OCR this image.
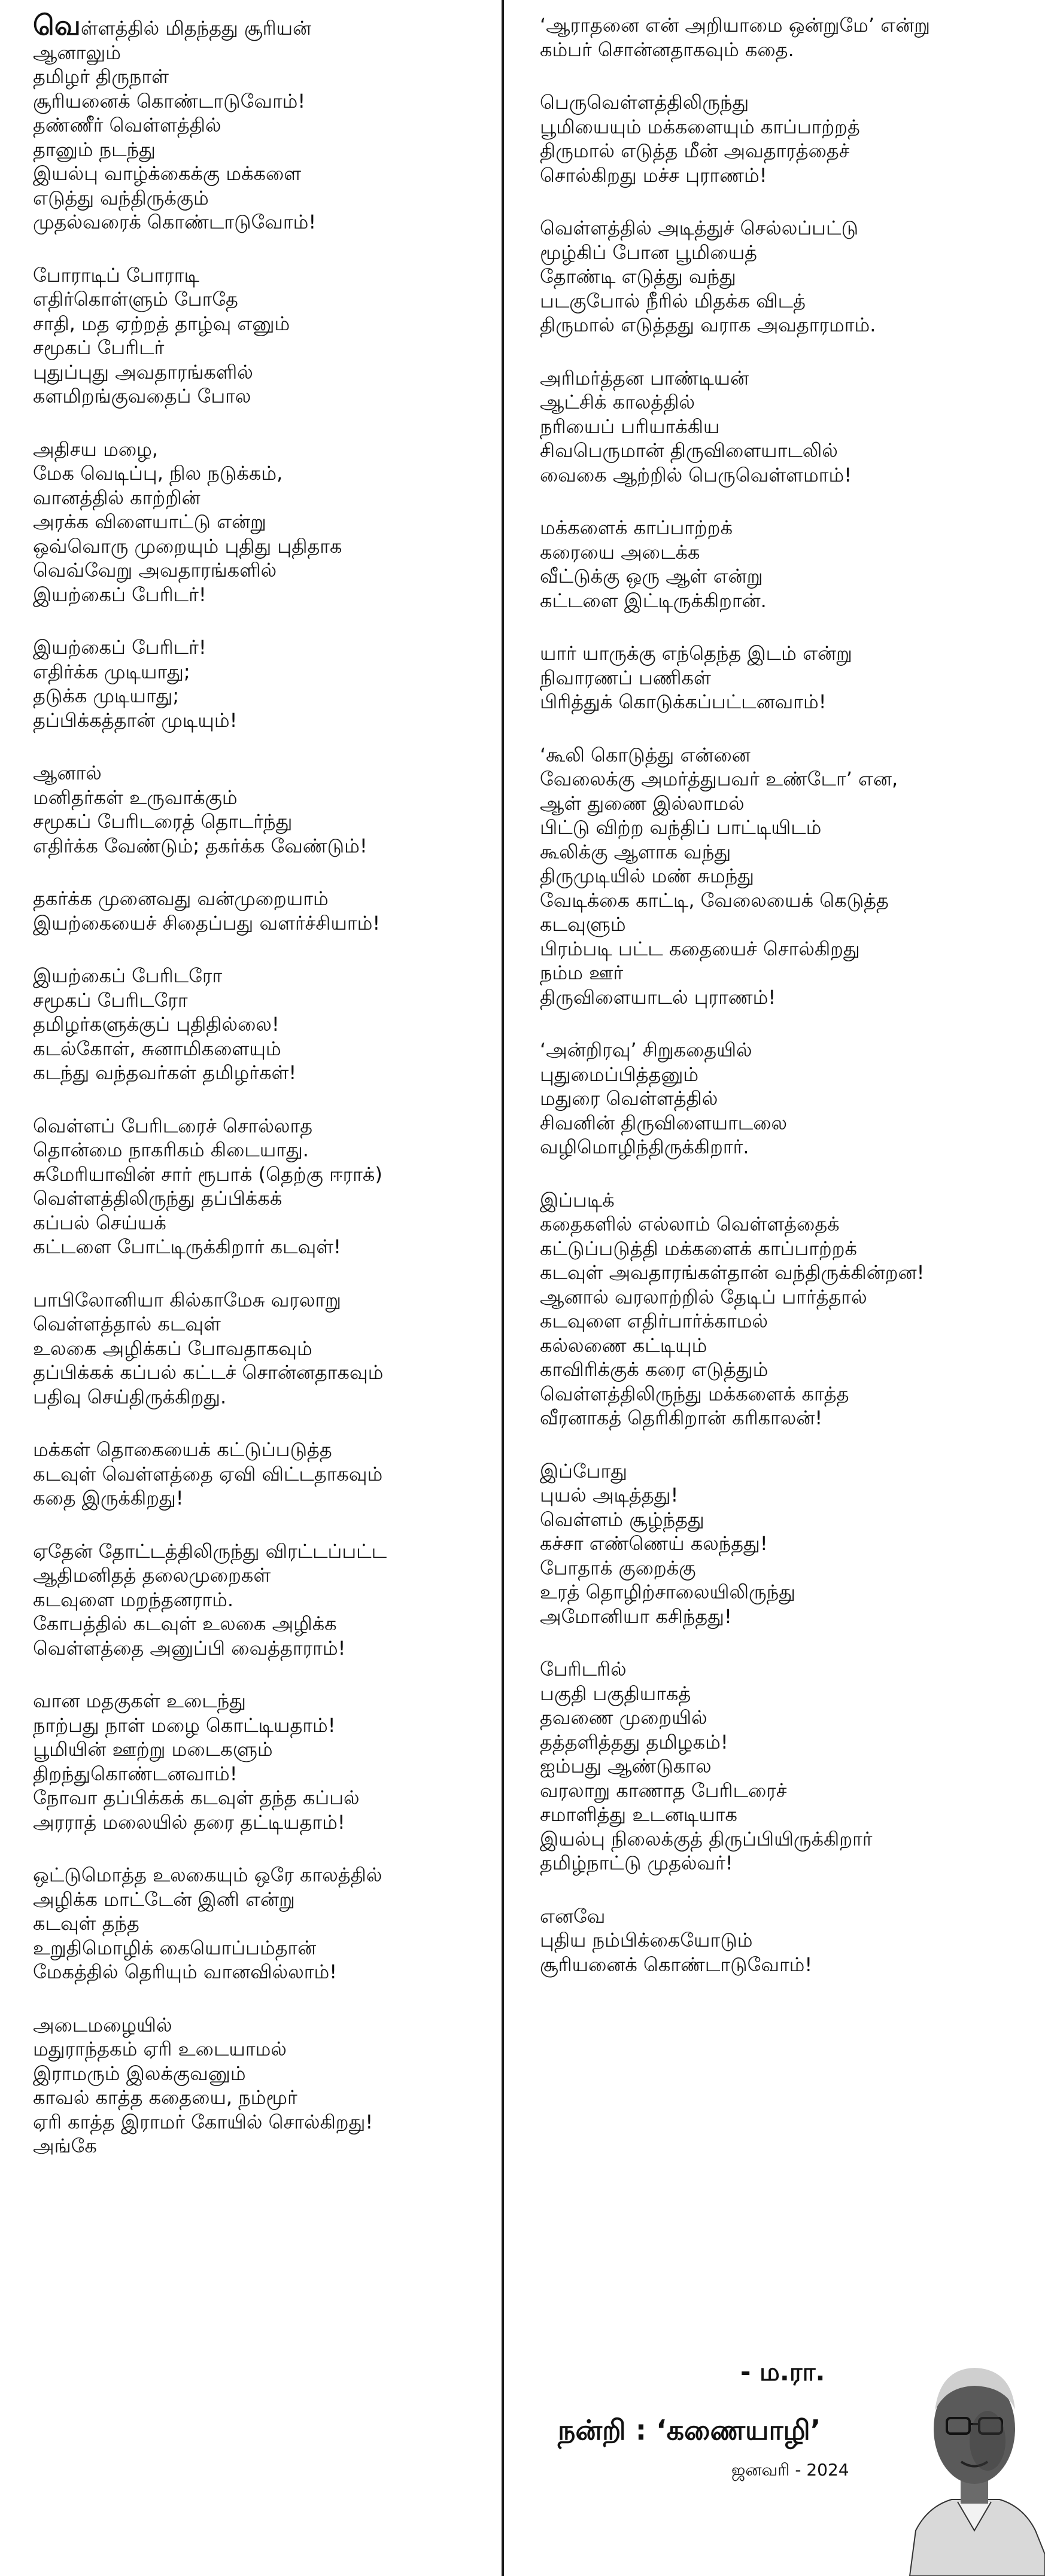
வெள்ளத்தில் மிதந்தது சூரியன்
ஆனாலும்
தமிழர் திருநாள்
சூரியனைக் கொண்டாடுவோம்!
தண்ணீர் வெள்ளத்தில்
தானும் நடந்து
இயல்பு வாழ்க்கைக்கு மக்களை
எடுத்து வந்திருக்கும்
முதல்வரைக் கொண்டாடுவோம்!
போராடிப் போராடி
எதிர்கொள்ளும் போதே
சாதி, மத ஏற்றத் தாழ்வு எனும்
சமூகப் பேரிடர்
புதுப்புது அவதாரங்களில்
களமிறங்குவதைப் போல
அதிசய மழை,
மேக வெடிப்பு, நில நடுக்கம்,
வானத்தில் காற்றின்
அரக்க விளையாட்டு என்று
ஒவ்வொரு முறையும் புதிது புதிதாக
வெவ்வேறு அவதாரங்களில்
இயற்கைப் பேரிடர்!
இயற்கைப் பேரிடர்!
எதிர்க்க முடியாது;
தடுக்க முடியாது;
தப்பிக்கத்தான் முடியும்!
ஆனால்
மனிதர்கள் உருவாக்கும்
சமூகப் பேரிடரைத் தொடர்ந்து
எதிர்க்க வேண்டும்; தகர்க்க வேண்டும்!
தகர்க்க முனைவது வன்முறையாம்
இயற்கையைச் சிதைப்பது வளர்ச்சியாம்!
இயற்கைப் பேரிடரோ
சமூகப் பேரிடரோ
தமிழர்களுக்குப் புதிதில்லை!
கடல்கோள், சுனாமிகளையும்
கடந்து வந்தவர்கள் தமிழர்கள்!
வெள்ளப் பேரிடரைச் சொல்லாத
தொன்மை நாகரிகம் கிடையாது.
சுமேரியாவின் சார் ரூபாக் (தெற்கு ஈராக்)
வெள்ளத்திலிருந்து தப்பிக்கக்
கப்பல் செய்யக்
கட்டளை போட்டிருக்கிறார் கடவுள்!
பாபிலோனியா கில்காமேசு வரலாறு
வெள்ளத்தால் கடவுள்
உலகை அழிக்கப் போவதாகவும்
தப்பிக்கக் கப்பல் கட்டச் சொன்னதாகவும்
பதிவு செய்திருக்கிறது.
மக்கள் தொகையைக் கட்டுப்படுத்த
கடவுள் வெள்ளத்தை ஏவி விட்டதாகவும்
கதை இருக்கிறது!
ஏதேன் தோட்டத்திலிருந்து விரட்டப்பட்ட
ஆதிமனிதத் தலைமுறைகள்
கடவுளை மறந்தனராம்.
கோபத்தில் கடவுள் உலகை அழிக்க
வெள்ளத்தை அனுப்பி வைத்தாராம்!
வான மதகுகள் உடைந்து
நாற்பது நாள் மழை கொட்டியதாம்!
பூமியின் ஊற்று மடைகளும்
திறந்துகொண்டனவாம்!
நோவா தப்பிக்கக் கடவுள் தந்த கப்பல்
அரராத் மலையில் தரை தட்டியதாம்!
ஒட்டுமொத்த உலகையும் ஒரே காலத்தில்
அழிக்க மாட்டேன் இனி என்று
கடவுள் தந்த
உறுதிமொழிக் கையொப்பம்தான்
மேகத்தில் தெரியும் வானவில்லாம்!
அடைமழையில்
மதுராந்தகம் ஏரி உடையாமல்
இராமரும் இலக்குவனும்
காவல் காத்த கதையை, நம்மூர்
ஏரி காத்த இராமர் கோயில் சொல்கிறது!
அங்கே
‘ஆராதனை என் அறியாமை ஒன்றுமே’ என்று
கம்பர் சொன்னதாகவும் கதை.
பெருவெள்ளத்திலிருந்து
பூமியையும் மக்களையும் காப்பாற்றத்
திருமால் எடுத்த மீன் அவதாரத்தைச்
சொல்கிறது மச்ச புராணம்!
வெள்ளத்தில் அடித்துச் செல்லப்பட்டு
மூழ்கிப் போன பூமியைத்
தோண்டி எடுத்து வந்து
படகுபோல் நீரில் மிதக்க விடத்
திருமால் எடுத்தது வராக அவதாரமாம்.
அரிமர்த்தன பாண்டியன்
ஆட்சிக் காலத்தில்
நரியைப் பரியாக்கிய
சிவபெருமான் திருவிளையாடலில்
வைகை ஆற்றில் பெருவெள்ளமாம்!
மக்களைக் காப்பாற்றக்
கரையை அடைக்க
வீட்டுக்கு ஒரு ஆள் என்று
கட்டளை இட்டிருக்கிறான்.
யார் யாருக்கு எந்தெந்த இடம் என்று
நிவாரணப் பணிகள்
பிரித்துக் கொடுக்கப்பட்டனவாம்!
‘கூலி கொடுத்து என்னை
வேலைக்கு அமர்த்துபவர் உண்டோ’ என,
ஆள் துணை இல்லாமல்
பிட்டு விற்ற வந்திப் பாட்டியிடம்
கூலிக்கு ஆளாக வந்து
திருமுடியில் மண் சுமந்து
வேடிக்கை காட்டி, வேலையைக் கெடுத்த
கடவுளும்
பிரம்படி பட்ட கதையைச் சொல்கிறது
நம்ம ஊர்
திருவிளையாடல் புராணம்!
‘அன்றிரவு’ சிறுகதையில்
புதுமைப்பித்தனும்
மதுரை வெள்ளத்தில்
சிவனின் திருவிளையாடலை
வழிமொழிந்திருக்கிறார்.
இப்படிக்
கதைகளில் எல்லாம் வெள்ளத்தைக்
கட்டுப்படுத்தி மக்களைக் காப்பாற்றக்
கடவுள் அவதாரங்கள்தான் வந்திருக்கின்றன!
ஆனால் வரலாற்றில் தேடிப் பார்த்தால்
கடவுளை எதிர்பார்க்காமல்
கல்லணை கட்டியும்
காவிரிக்குக் கரை எடுத்தும்
வெள்ளத்திலிருந்து மக்களைக் காத்த
வீரனாகத் தெரிகிறான் கரிகாலன்!
இப்போது
புயல் அடித்தது!
வெள்ளம் சூழ்ந்தது
கச்சா எண்ணெய் கலந்தது!
போதாக் குறைக்கு
உரத் தொழிற்சாலையிலிருந்து
அமோனியா கசிந்தது!
பேரிடரில்
பகுதி பகுதியாகத்
தவணை முறையில்
தத்தளித்தது தமிழகம்!
ஐம்பது ஆண்டுகால
வரலாறு காணாத பேரிடரைச்
சமாளித்து உடனடியாக
இயல்பு நிலைக்குத் திருப்பியிருக்கிறார்
தமிழ்நாட்டு முதல்வர்!
எனவே
புதிய நம்பிக்கையோடும்
சூரியனைக் கொண்டாடுவோம்!
- ம.ரா.
நன்றி : ‘கணையாழி’
ஜனவரி - 2024
